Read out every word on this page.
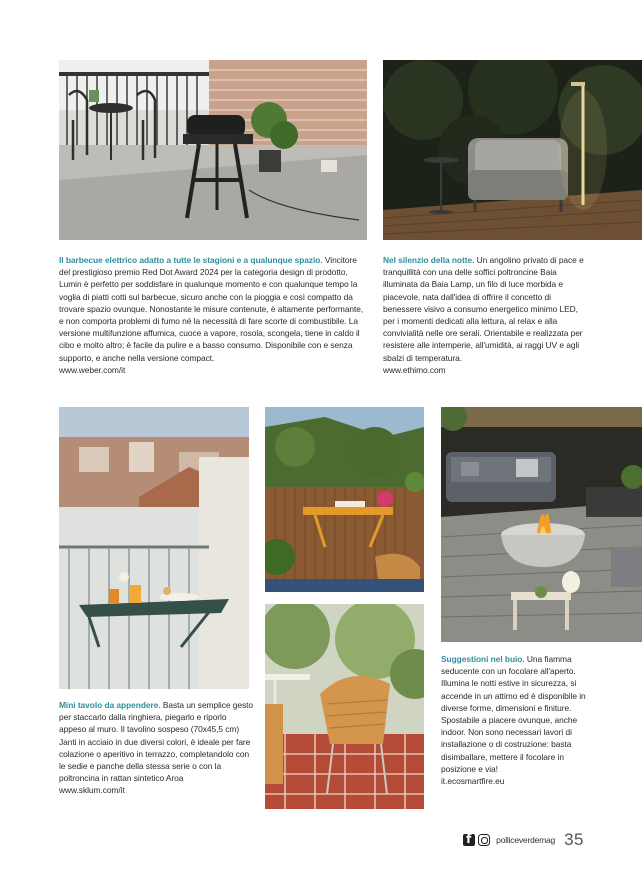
Il barbecue elettrico adatto a tutte le stagioni e a qualunque spazio. Vincitore del prestigioso premio Red Dot Award 2024 per la categoria design di prodotto, Lumin è perfetto per soddisfare in qualunque momento e con qualunque tempo la voglia di piatti cotti sul barbecue, sicuro anche con la pioggia e così compatto da trovare spazio ovunque. Nonostante le misure contenute, è altamente performante, e non comporta problemi di fumo né la necessità di fare scorte di combustibile. La versione multifunzione affumica, cuoce a vapore, rosola, scongela, tiene in caldo il cibo e molto altro; è facile da pulire e a basso consumo. Disponibile con e senza supporto, e anche nella versione compact.
www.weber.com/it
Nel silenzio della notte. Un angolino privato di pace e tranquillità con una delle soffici poltroncine Baia illuminata da Baia Lamp, un filo di luce morbida e piacevole, nata dall'idea di offrire il concetto di benessere visivo a consumo energetico minimo LED, per i momenti dedicati alla lettura, al relax e alla convivialità nelle ore serali. Orientabile e realizzata per resistere alle intemperie, all'umidità, ai raggi UV e agli sbalzi di temperatura.
www.ethimo.com
Mini tavolo da appendere. Basta un semplice gesto per staccarlo dalla ringhiera, piegarlo e riporlo appeso al muro. Il tavolino sospeso (70x45,5 cm) Janti in acciaio in due diversi colori, è ideale per fare colazione o aperitivo in terrazzo, completandolo con le sedie e panche della stessa serie o con la poltroncina in rattan sintetico Aroa
www.sklum.com/it
Suggestioni nel buio. Una fiamma seducente con un focolare all'aperto. Illumina le notti estive in sicurezza, si accende in un attimo ed è disponibile in diverse forme, dimensioni e finiture. Spostabile a piacere ovunque, anche indoor. Non sono necessari lavori di installazione o di costruzione: basta disimballare, mettere il focolare in posizione e via!
it.ecosmartfire.eu
f
polliceverdemag 35
